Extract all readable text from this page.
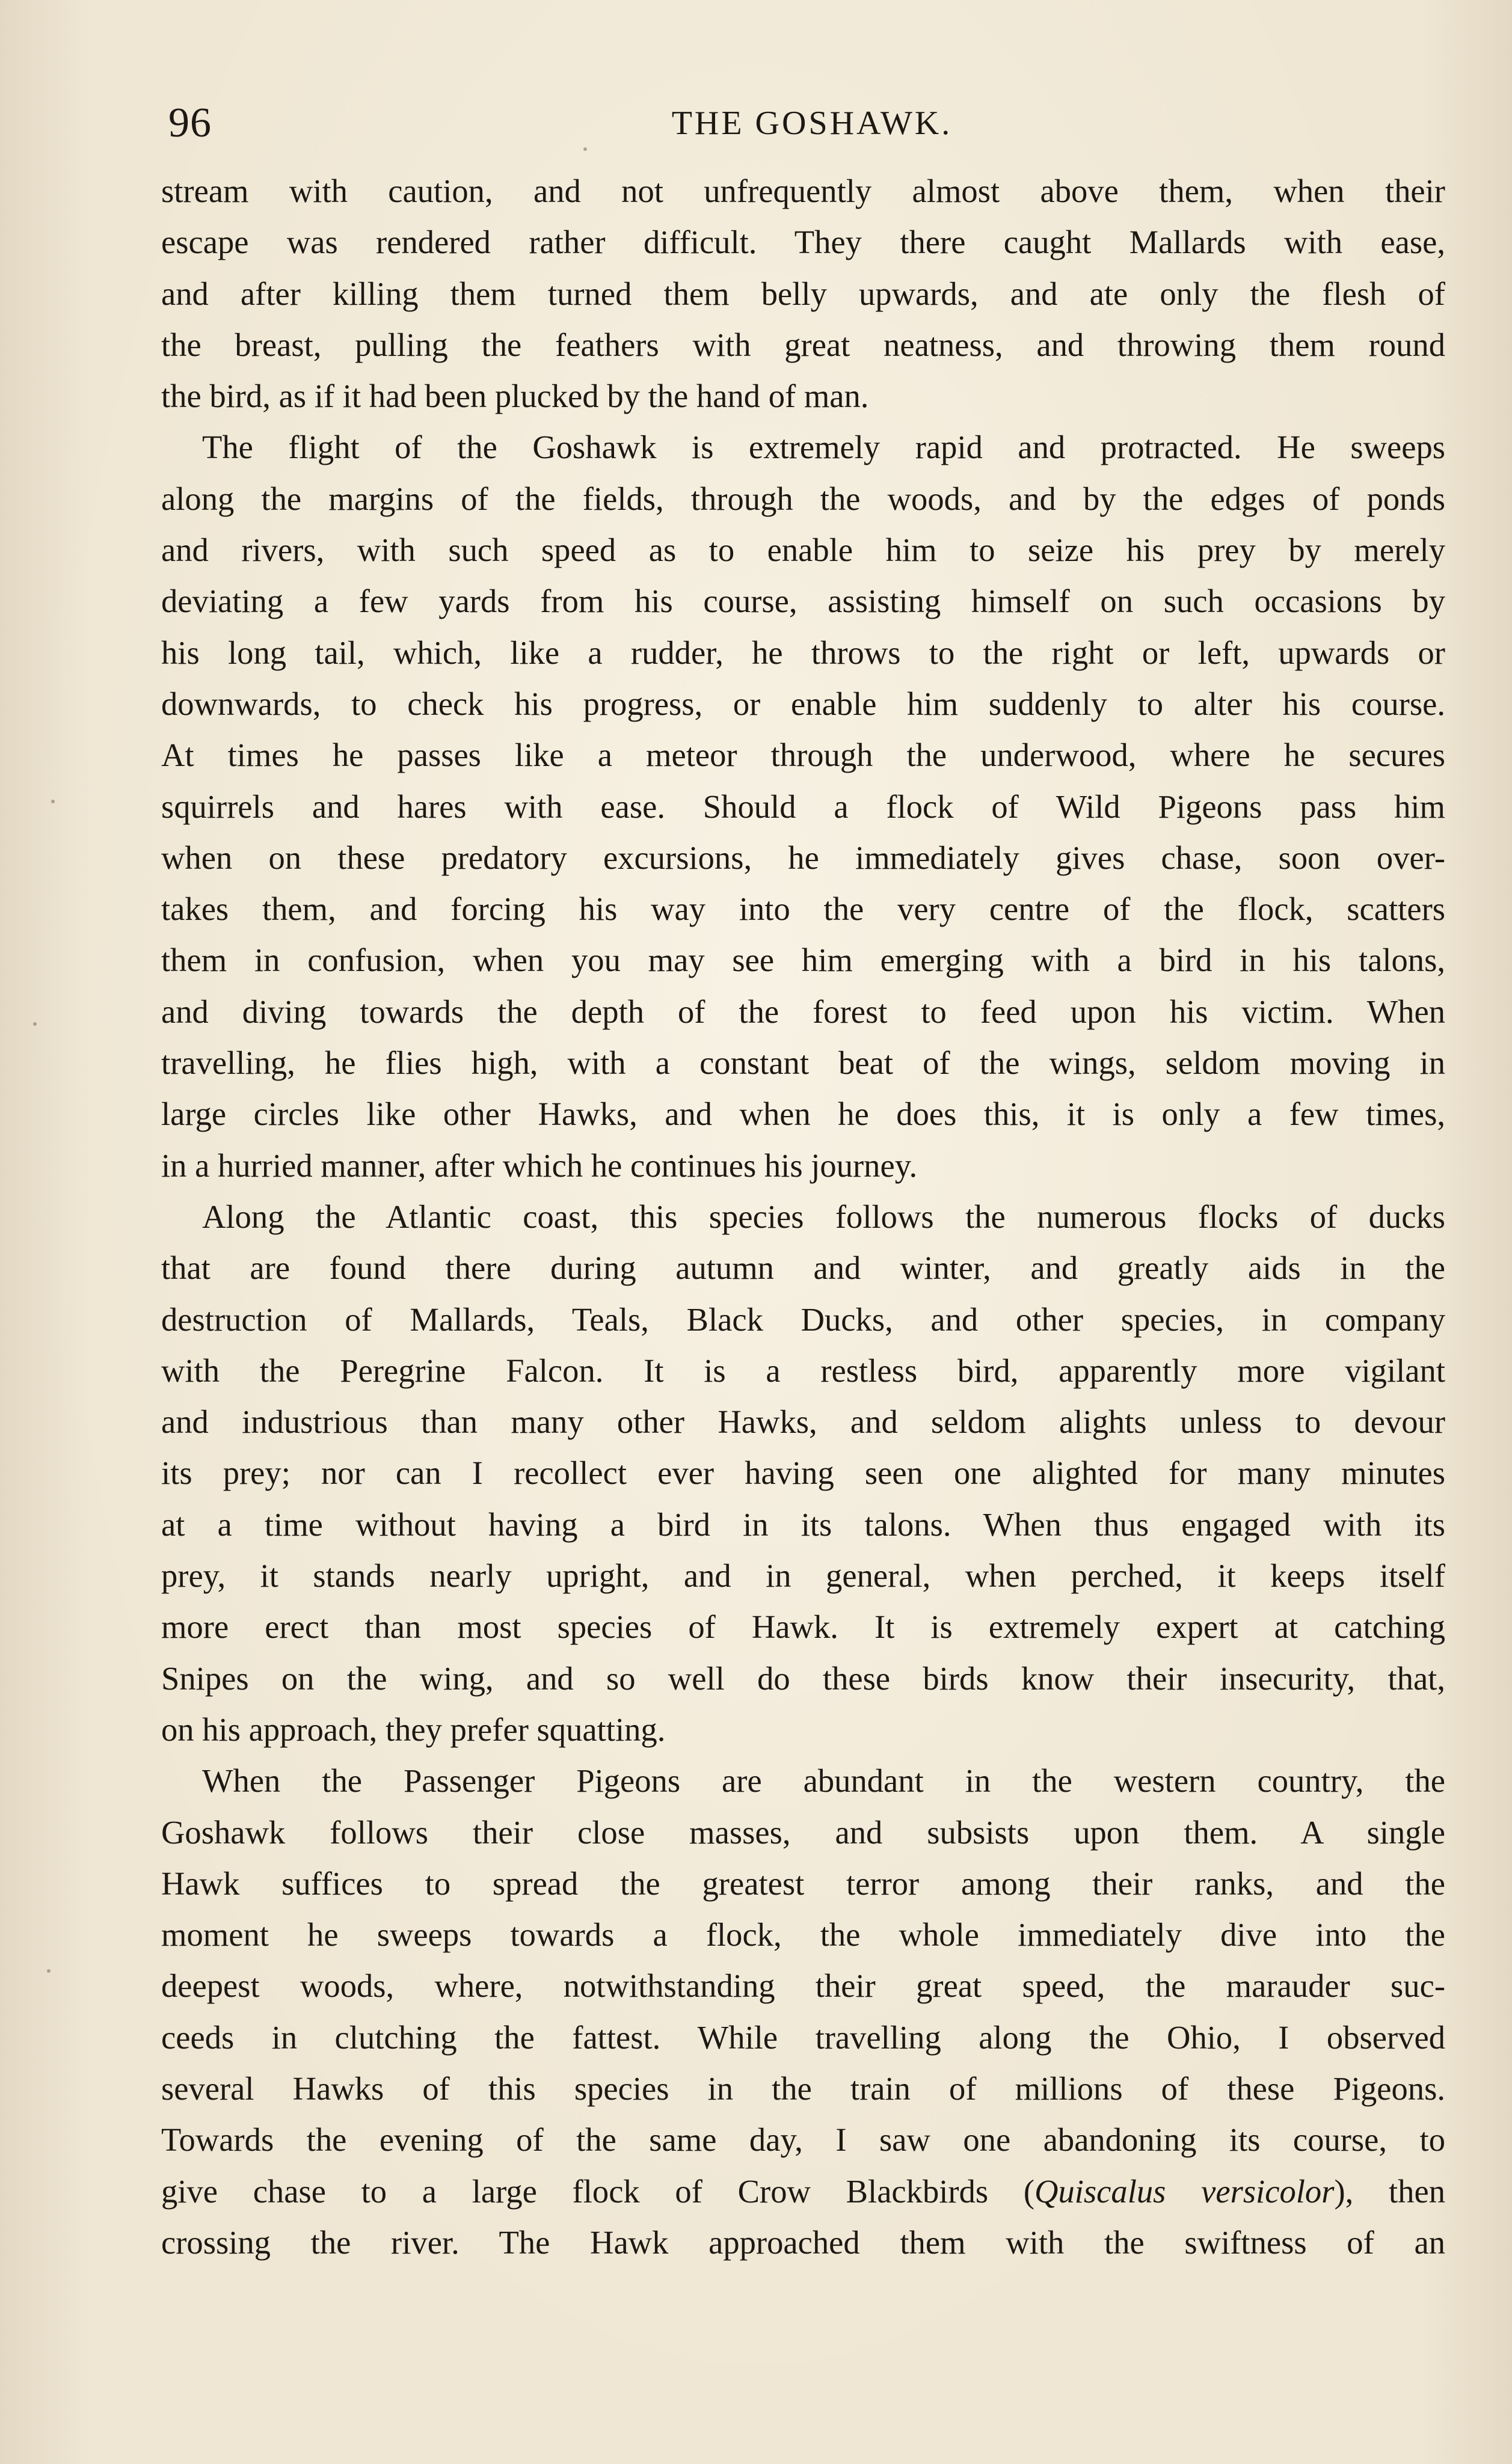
96	THE GOSHAWK.
stream with caution, and not unfrequently almost above them, when their
escape was rendered rather difficult. They there caught Mallards with ease,
and after killing them turned them belly upwards, and ate only the flesh of
the breast, pulling the feathers with great neatness, and throwing them round
the bird, as if it had been plucked by the hand of man.
The flight of the Goshawk is extremely rapid and protracted. He sweeps
along the margins of the fields, through the woods, and by the edges of ponds
and rivers, with such speed as to enable him to seize his prey by merely
deviating a few yards from his course, assisting himself on such occasions by
his long tail, which, like a rudder, he throws to the right or left, upwards or
downwards, to check his progress, or enable him suddenly to alter his course.
At times he passes like a meteor through the underwood, where he secures
squirrels and hares with ease. Should a flock of Wild Pigeons pass him
when on these predatory excursions, he immediately gives chase, soon over-
takes them, and forcing his way into the very centre of the flock, scatters
them in confusion, when you may see him emerging with a bird in his talons,
and diving towards the depth of the forest to feed upon his victim. When
travelling, he flies high, with a constant beat of the wings, seldom moving in
large circles like other Hawks, and when he does this, it is only a few times,
in a hurried manner, after which he continues his journey.
Along the Atlantic coast, this species follows the numerous flocks of ducks
that are found there during autumn and winter, and greatly aids in the
destruction of Mallards, Teals, Black Ducks, and other species, in company
with the Peregrine Falcon. It is a restless bird, apparently more vigilant
and industrious than many other Hawks, and seldom alights unless to devour
its prey; nor can I recollect ever having seen one alighted for many minutes
at a time without having a bird in its talons. When thus engaged with its
prey, it stands nearly upright, and in general, when perched, it keeps itself
more erect than most species of Hawk. It is extremely expert at catching
Snipes on the wing, and so well do these birds know their insecurity, that,
on his approach, they prefer squatting.
When the Passenger Pigeons are abundant in the western country, the
Goshawk follows their close masses, and subsists upon them. A single
Hawk suffices to spread the greatest terror among their ranks, and the
moment he sweeps towards a flock, the whole immediately dive into the
deepest woods, where, notwithstanding their great speed, the marauder suc-
ceeds in clutching the fattest. While travelling along the Ohio, I observed
several Hawks of this species in the train of millions of these Pigeons.
Towards the evening of the same day, I saw one abandoning its course, to
give chase to a large flock of Crow Blackbirds (Quiscalus versicolor), then
crossing the river. The Hawk approached them with the swiftness of an
